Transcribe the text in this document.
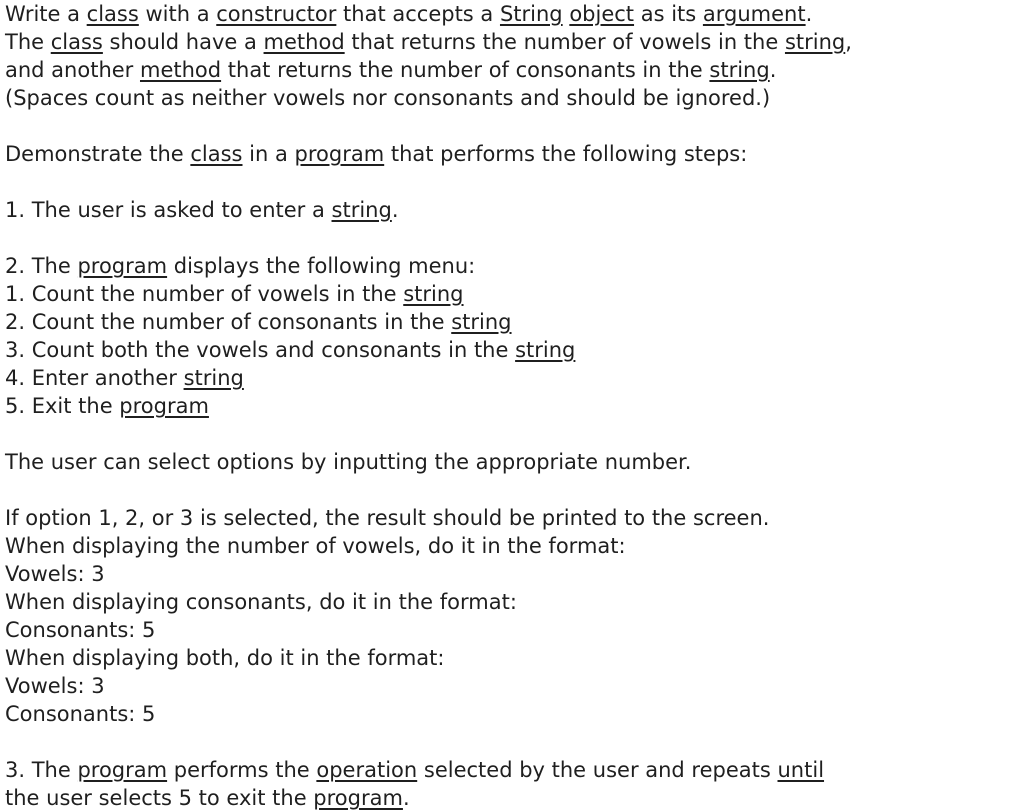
Write a class with a constructor that accepts a String object as its argument.
The class should have a method that returns the number of vowels in the string,
and another method that returns the number of consonants in the string.
(Spaces count as neither vowels nor consonants and should be ignored.)
Demonstrate the class in a program that performs the following steps:
1. The user is asked to enter a string.
2. The program displays the following menu:
1. Count the number of vowels in the string
2. Count the number of consonants in the string
3. Count both the vowels and consonants in the string
4. Enter another string
5. Exit the program
The user can select options by inputting the appropriate number.
If option 1, 2, or 3 is selected, the result should be printed to the screen.
When displaying the number of vowels, do it in the format:
Vowels: 3
When displaying consonants, do it in the format:
Consonants: 5
When displaying both, do it in the format:
Vowels: 3
Consonants: 5
3. The program performs the operation selected by the user and repeats until
the user selects 5 to exit the program.
